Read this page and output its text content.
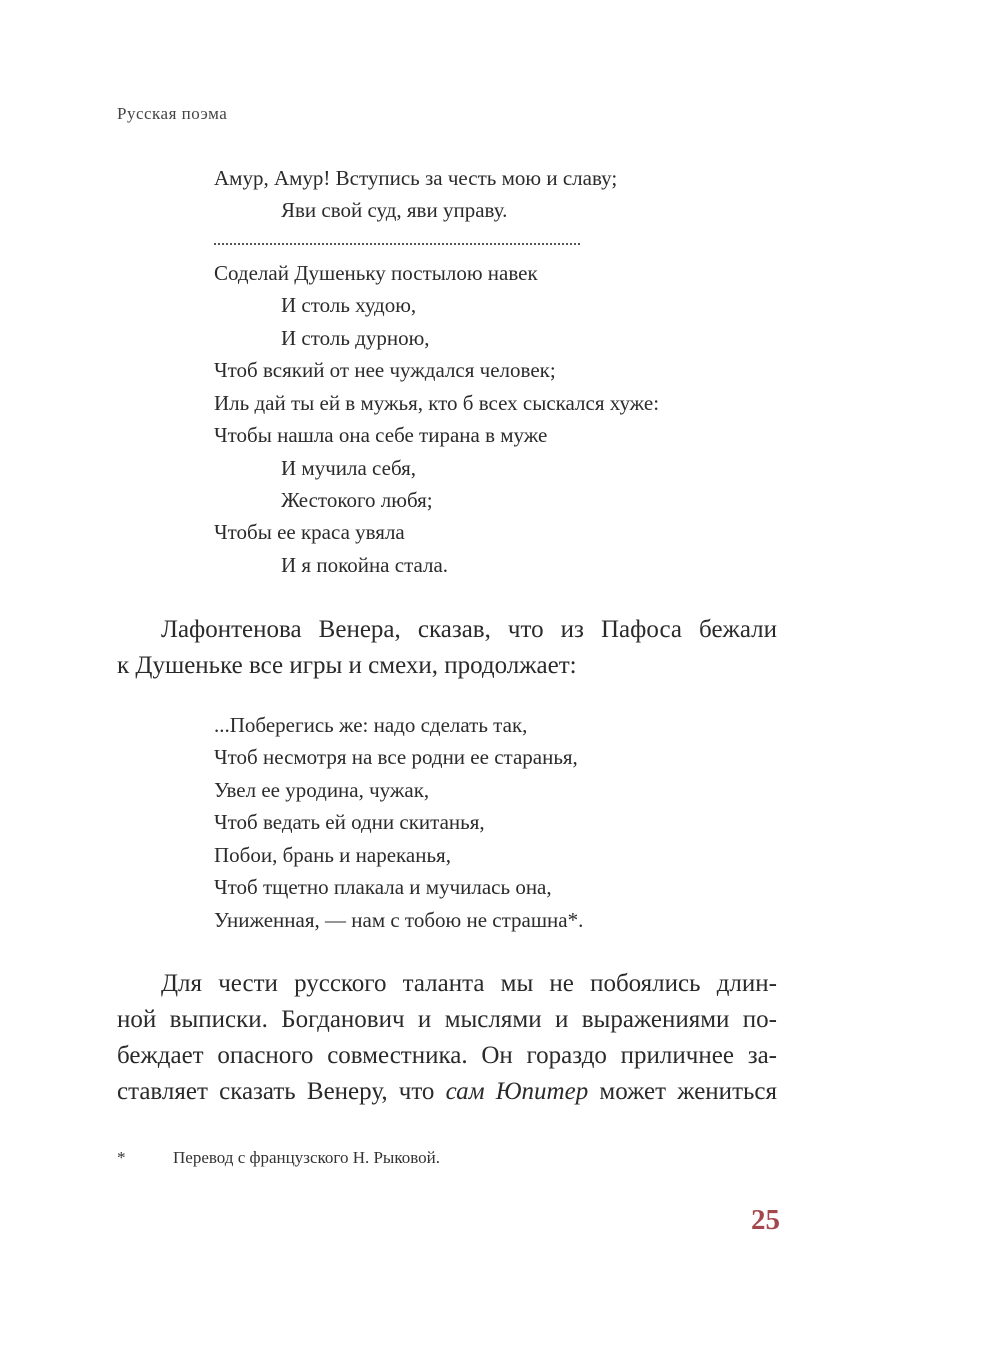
Русская поэма
Амур, Амур! Вступись за честь мою и славу;
Яви свой суд, яви управу.
Соделай Душеньку постылою навек
И столь худою,
И столь дурною,
Чтоб всякий от нее чуждался человек;
Иль дай ты ей в мужья, кто б всех сыскался хуже:
Чтобы нашла она себе тирана в муже
И мучила себя,
Жестокого любя;
Чтобы ее краса увяла
И я покойна стала.
Лафонтенова Венера, сказав, что из Пафоса бежали
к Душеньке все игры и смехи, продолжает:
...Поберегись же: надо сделать так,
Чтоб несмотря на все родни ее старанья,
Увел ее уродина, чужак,
Чтоб ведать ей одни скитанья,
Побои, брань и нареканья,
Чтоб тщетно плакала и мучилась она,
Униженная, — нам с тобою не страшна*.
Для чести русского таланта мы не побоялись длин-
ной выписки. Богданович и мыслями и выражениями по-
беждает опасного совместника. Он гораздо приличнее за-
ставляет сказать Венеру, что сам Юпитер может жениться
*	Перевод с французского Н. Рыковой.
25
